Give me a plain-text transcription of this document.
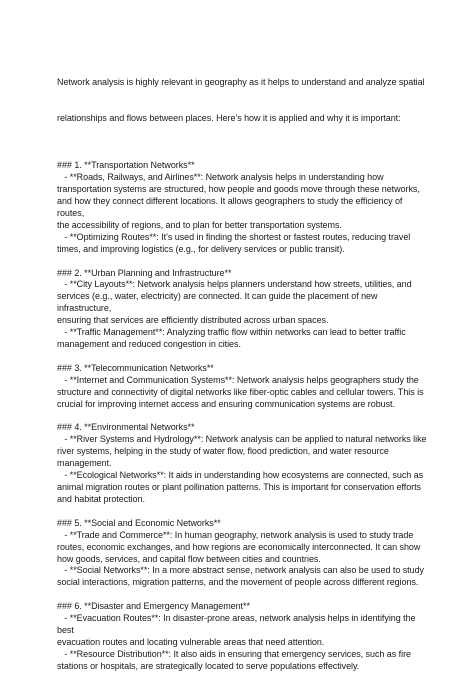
Network analysis is highly relevant in geography as it helps to understand and analyze spatial

relationships and flows between places. Here’s how it is applied and why it is important:

### 1. **Transportation Networks**
- **Roads, Railways, and Airlines**: Network analysis helps in understanding how
transportation systems are structured, how people and goods move through these networks,
and how they connect different locations. It allows geographers to study the efficiency of routes,
the accessibility of regions, and to plan for better transportation systems.
- **Optimizing Routes**: It’s used in finding the shortest or fastest routes, reducing travel
times, and improving logistics (e.g., for delivery services or public transit).
### 2. **Urban Planning and Infrastructure**
- **City Layouts**: Network analysis helps planners understand how streets, utilities, and
services (e.g., water, electricity) are connected. It can guide the placement of new infrastructure,
ensuring that services are efficiently distributed across urban spaces.
- **Traffic Management**: Analyzing traffic flow within networks can lead to better traffic
management and reduced congestion in cities.
### 3. **Telecommunication Networks**
- **Internet and Communication Systems**: Network analysis helps geographers study the
structure and connectivity of digital networks like fiber-optic cables and cellular towers. This is
crucial for improving internet access and ensuring communication systems are robust.
### 4. **Environmental Networks**
- **River Systems and Hydrology**: Network analysis can be applied to natural networks like
river systems, helping in the study of water flow, flood prediction, and water resource
management.
- **Ecological Networks**: It aids in understanding how ecosystems are connected, such as
animal migration routes or plant pollination patterns. This is important for conservation efforts
and habitat protection.
### 5. **Social and Economic Networks**
- **Trade and Commerce**: In human geography, network analysis is used to study trade
routes, economic exchanges, and how regions are economically interconnected. It can show
how goods, services, and capital flow between cities and countries.
- **Social Networks**: In a more abstract sense, network analysis can also be used to study
social interactions, migration patterns, and the movement of people across different regions.
### 6. **Disaster and Emergency Management**
- **Evacuation Routes**: In disaster-prone areas, network analysis helps in identifying the best
evacuation routes and locating vulnerable areas that need attention.
- **Resource Distribution**: It also aids in ensuring that emergency services, such as fire
stations or hospitals, are strategically located to serve populations effectively.
